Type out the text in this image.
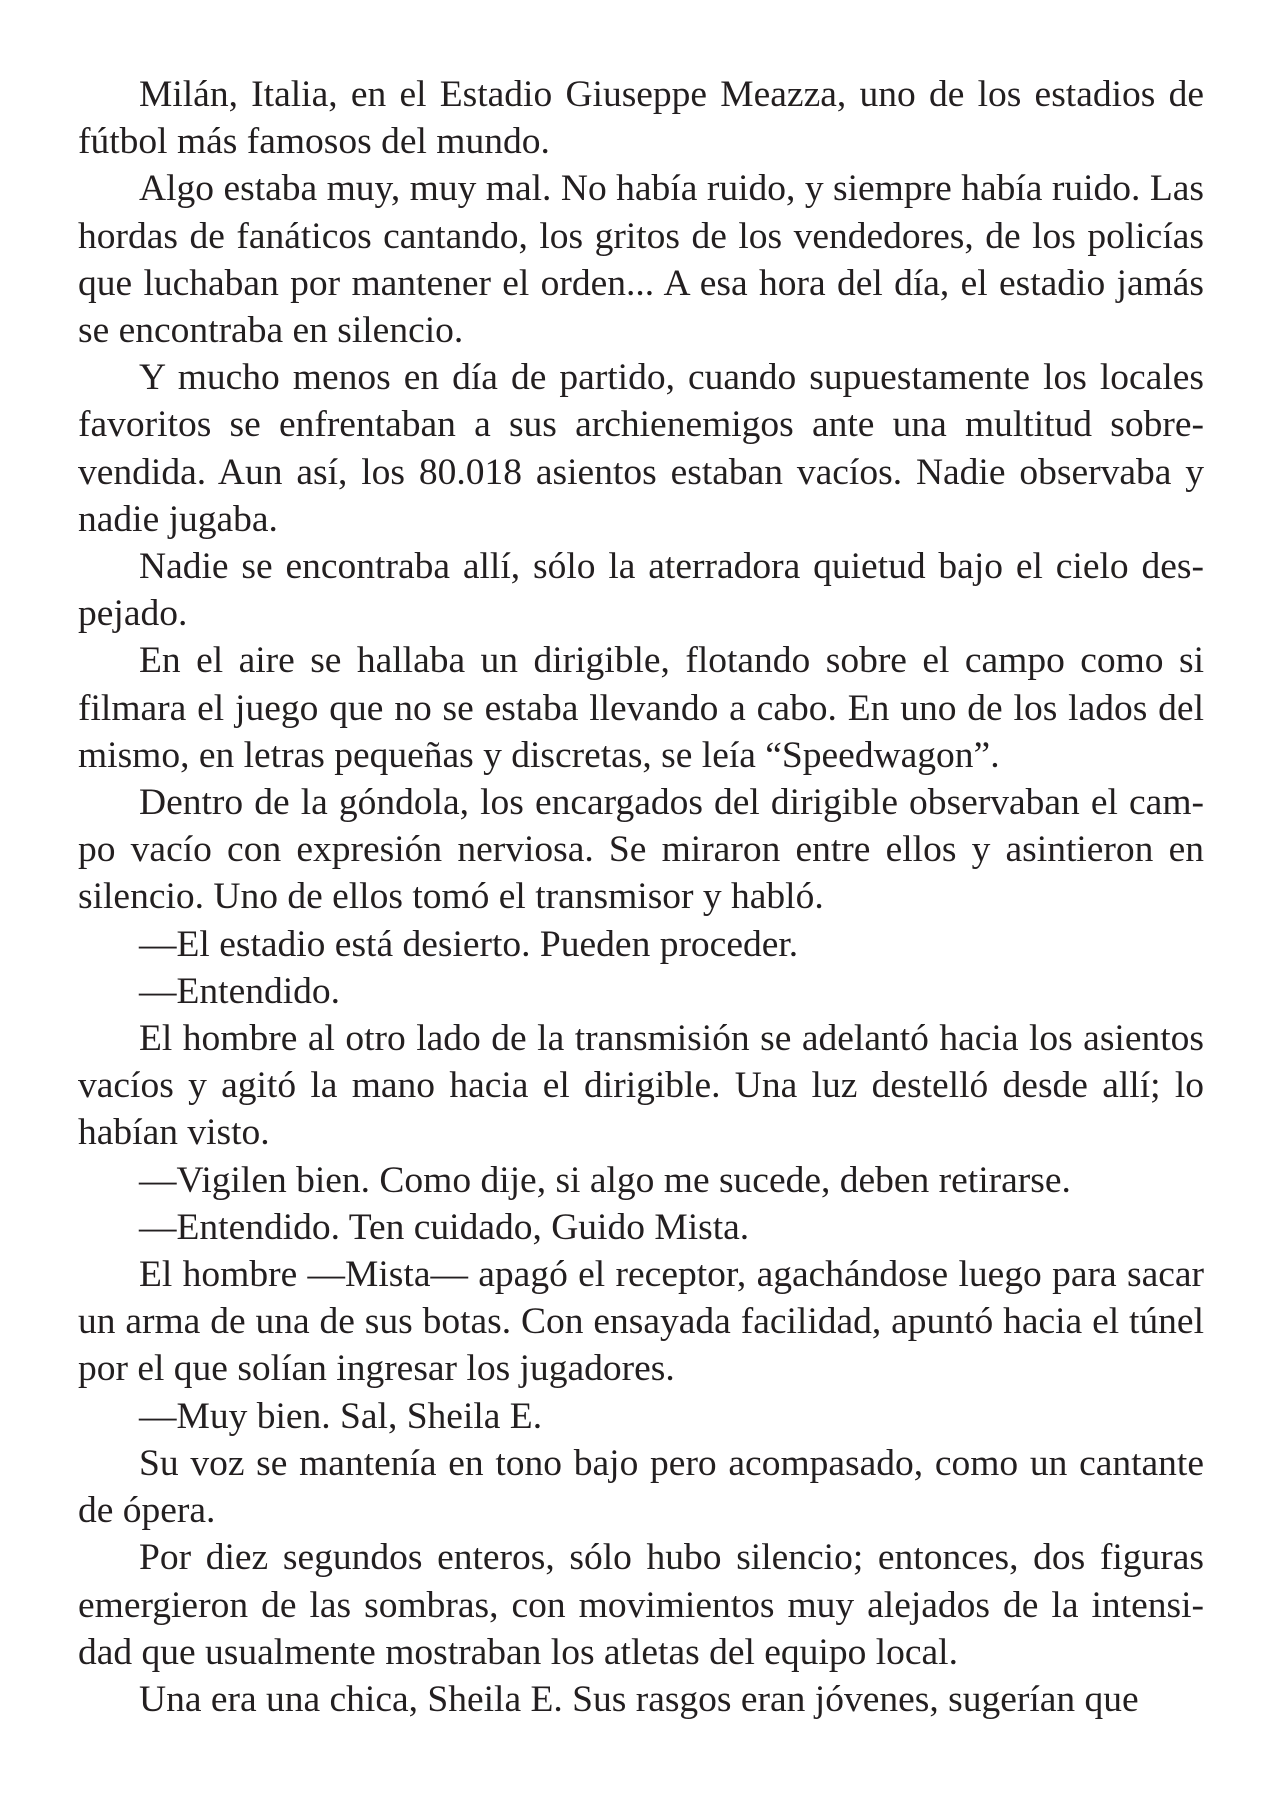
Milán, Italia, en el Estadio Giuseppe Meazza, uno de los estadios de fútbol más famosos del mundo.

Algo estaba muy, muy mal. No había ruido, y siempre había ruido. Las hordas de fanáticos cantando, los gritos de los vendedores, de los policías que luchaban por mantener el orden... A esa hora del día, el estadio jamás se encontraba en silencio.

Y mucho menos en día de partido, cuando supuestamente los locales favoritos se enfrentaban a sus archienemigos ante una multitud sobrevendida. Aun así, los 80.018 asientos estaban vacíos. Nadie observaba y nadie jugaba.

Nadie se encontraba allí, sólo la aterradora quietud bajo el cielo despejado.

En el aire se hallaba un dirigible, flotando sobre el campo como si filmara el juego que no se estaba llevando a cabo. En uno de los lados del mismo, en letras pequeñas y discretas, se leía “Speedwagon”.

Dentro de la góndola, los encargados del dirigible observaban el campo vacío con expresión nerviosa. Se miraron entre ellos y asintieron en silencio. Uno de ellos tomó el transmisor y habló.

—El estadio está desierto. Pueden proceder.

—Entendido.

El hombre al otro lado de la transmisión se adelantó hacia los asientos vacíos y agitó la mano hacia el dirigible. Una luz destelló desde allí; lo habían visto.

—Vigilen bien. Como dije, si algo me sucede, deben retirarse.

—Entendido. Ten cuidado, Guido Mista.

El hombre —Mista— apagó el receptor, agachándose luego para sacar un arma de una de sus botas. Con ensayada facilidad, apuntó hacia el túnel por el que solían ingresar los jugadores.

—Muy bien. Sal, Sheila E.

Su voz se mantenía en tono bajo pero acompasado, como un cantante de ópera.

Por diez segundos enteros, sólo hubo silencio; entonces, dos figuras emergieron de las sombras, con movimientos muy alejados de la intensidad que usualmente mostraban los atletas del equipo local.

Una era una chica, Sheila E. Sus rasgos eran jóvenes, sugerían que
